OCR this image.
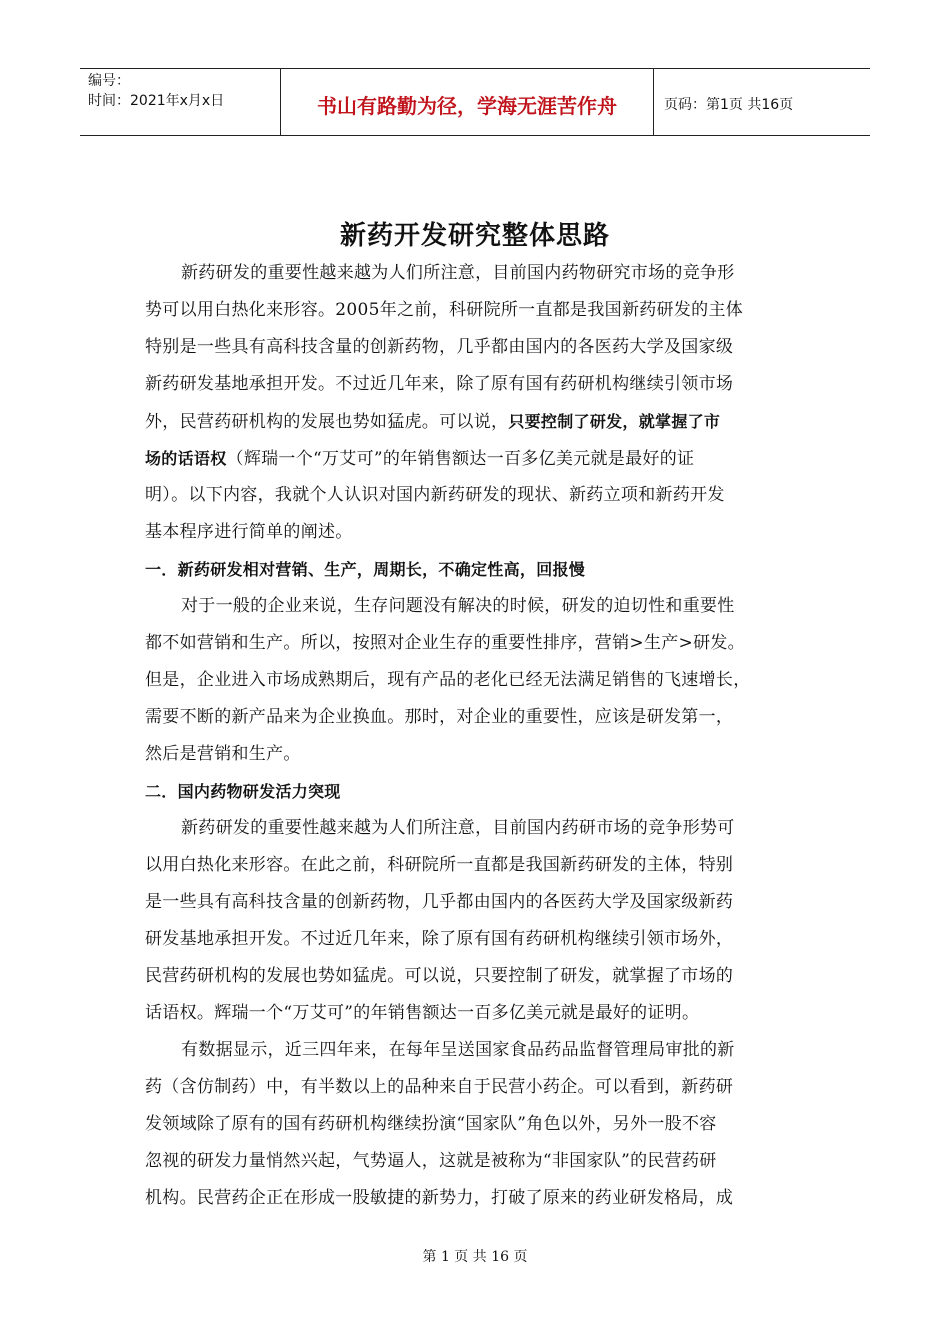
编号：
时间：2021年x月x日	书山有路勤为径，学海无涯苦作舟	页码：第1页 共16页
新药开发研究整体思路
新药研发的重要性越来越为人们所注意，目前国内药物研究市场的竞争形
势可以用白热化来形容。2005年之前，科研院所一直都是我国新药研发的主体
特别是一些具有高科技含量的创新药物，几乎都由国内的各医药大学及国家级
新药研发基地承担开发。不过近几年来，除了原有国有药研机构继续引领市场
外，民营药研机构的发展也势如猛虎。可以说，只要控制了研发，就掌握了市
场的话语权（辉瑞一个“万艾可”的年销售额达一百多亿美元就是最好的证
明）。以下内容，我就个人认识对国内新药研发的现状、新药立项和新药开发
基本程序进行简单的阐述。
一．新药研发相对营销、生产，周期长，不确定性高，回报慢
对于一般的企业来说，生存问题没有解决的时候，研发的迫切性和重要性
都不如营销和生产。所以，按照对企业生存的重要性排序，营销>生产>研发。
但是，企业进入市场成熟期后，现有产品的老化已经无法满足销售的飞速增长，
需要不断的新产品来为企业换血。那时，对企业的重要性，应该是研发第一，
然后是营销和生产。
二．国内药物研发活力突现
新药研发的重要性越来越为人们所注意，目前国内药研市场的竞争形势可
以用白热化来形容。在此之前，科研院所一直都是我国新药研发的主体，特别
是一些具有高科技含量的创新药物，几乎都由国内的各医药大学及国家级新药
研发基地承担开发。不过近几年来，除了原有国有药研机构继续引领市场外，
民营药研机构的发展也势如猛虎。可以说，只要控制了研发，就掌握了市场的
话语权。辉瑞一个“万艾可”的年销售额达一百多亿美元就是最好的证明。
有数据显示，近三四年来，在每年呈送国家食品药品监督管理局审批的新
药（含仿制药）中，有半数以上的品种来自于民营小药企。可以看到，新药研
发领域除了原有的国有药研机构继续扮演“国家队”角色以外，另外一股不容
忽视的研发力量悄然兴起，气势逼人，这就是被称为“非国家队”的民营药研
机构。民营药企正在形成一股敏捷的新势力，打破了原来的药业研发格局，成
第 1 页 共 16 页
